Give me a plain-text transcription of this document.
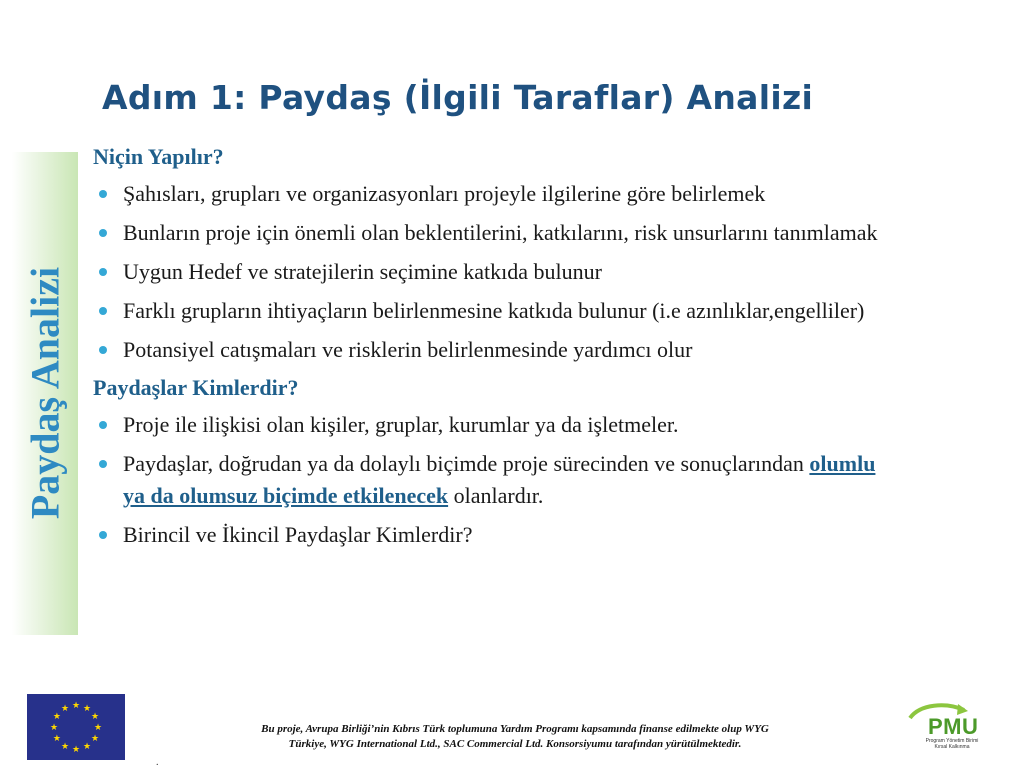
Adım 1: Paydaş (İlgili Taraflar) Analizi
Paydaş Analizi
Niçin Yapılır?
Şahısları, grupları ve organizasyonları projeyle ilgilerine göre belirlemek
Bunların proje için önemli olan beklentilerini, katkılarını, risk unsurlarını tanımlamak
Uygun Hedef ve stratejilerin seçimine katkıda bulunur
Farklı grupların ihtiyaçların belirlenmesine katkıda bulunur (i.e azınlıklar,engelliler)
Potansiyel catışmaları ve risklerin belirlenmesinde yardımcı olur
Paydaşlar Kimlerdir?
Proje ile ilişkisi olan kişiler, gruplar, kurumlar ya da işletmeler.
Paydaşlar, doğrudan ya da dolaylı biçimde proje sürecinden ve sonuçlarından olumlu ya da olumsuz biçimde etkilenecek olanlardır.
Birincil ve İkincil Paydaşlar Kimlerdir?
★ ★
★
★
★
★
★
★
★
★
★
★
Bu proje, Avrupa Birliği’nin Kıbrıs Türk toplumuna Yardım Programı kapsamında finanse edilmekte olup WYG
Türkiye, WYG International Ltd., SAC Commercial Ltd. Konsorsiyumu tarafından yürütülmektedir.
.
PMU
Program Yönetim Birimi
Kırsal Kalkınma
